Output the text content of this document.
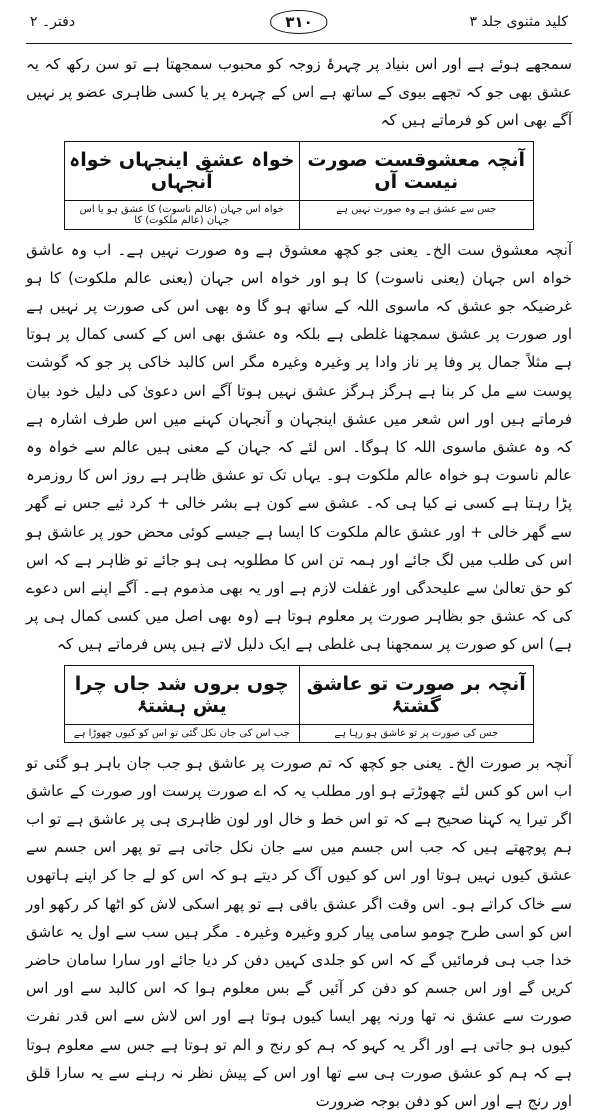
کلید مثنوی جلد ۳
۳۱۰
دفتر۔ ۲

سمجھے ہوئے ہے اور اس بنیاد پر چہرۂ زوجہ کو محبوب سمجھتا ہے تو سن رکھ کہ یہ عشق بھی جو کہ تجھے بیوی کے ساتھ ہے اس کے چہرہ پر یا کسی ظاہری عضو پر نہیں آگے بھی اس کو فرماتے ہیں کہ

آنچہ معشوقست صورت نیست آں
خواہ عشق اینجہاں خواہ آنجہاں
جس سے عشق ہے وہ صورت نہیں ہے
خواہ اس جہان (عالم ناسوت) کا عشق ہو یا اس جہان (عالم ملکوت) کا

آنچہ معشوق ست الخ۔ یعنی جو کچھ معشوق ہے وہ صورت نہیں ہے۔ اب وہ عاشق خواہ اس جہان (یعنی ناسوت) کا ہو اور خواہ اس جہان (یعنی عالم ملکوت) کا ہو غرضیکہ جو عشق کہ ماسوی اللہ کے ساتھ ہو گا وہ بھی اس کی صورت پر نہیں ہے اور صورت پر عشق سمجھنا غلطی ہے بلکہ وہ عشق بھی اس کے کسی کمال پر ہوتا ہے مثلاً جمال پر وفا پر ناز وادا پر وغیرہ وغیرہ مگر اس کالبد خاکی پر جو کہ گوشت پوست سے مل کر بنا ہے ہرگز ہرگز عشق نہیں ہوتا آگے اس دعویٰ کی دلیل خود بیان فرماتے ہیں اور اس شعر میں عشق اینجہان و آنجہان کہنے میں اس طرف اشارہ ہے کہ وہ عشق ماسوی اللہ کا ہوگا۔ اس لئے کہ جہان کے معنی ہیں عالم سے خواہ وہ عالم ناسوت ہو خواہ عالم ملکوت ہو۔ یہاں تک تو عشق ظاہر ہے روز اس کا روزمرہ پڑا رہتا ہے کسی نے کیا ہی کہ۔ عشق سے کون ہے بشر خالی + کرد ئیے جس نے گھر سے گھر خالی + اور عشق عالم ملکوت کا ایسا ہے جیسے کوئی محض حور پر عاشق ہو اس کی طلب میں لگ جائے اور ہمہ تن اس کا مطلوبہ ہی ہو جائے تو ظاہر ہے کہ اس کو حق تعالیٰ سے علیحدگی اور غفلت لازم ہے اور یہ بھی مذموم ہے۔ آگے اپنے اس دعوے کی کہ عشق جو بظاہر صورت پر معلوم ہوتا ہے (وہ بھی اصل میں کسی کمال ہی پر ہے) اس کو صورت پر سمجھنا ہی غلطی ہے ایک دلیل لاتے ہیں پس فرماتے ہیں کہ

آنچہ بر صورت تو عاشق گشتۂ
چوں بروں شد جاں چرا یش ہشتۂ
جس کی صورت پر تو عاشق ہو رہا ہے
جب اس کی جان نکل گئی تو اس کو کیوں چھوڑا ہے

آنچہ بر صورت الخ۔ یعنی جو کچھ کہ تم صورت پر عاشق ہو جب جان باہر ہو گئی تو اب اس کو کس لئے چھوڑتے ہو اور مطلب یہ کہ اے صورت پرست اور صورت کے عاشق اگر تیرا یہ کہنا صحیح ہے کہ تو اس خط و خال اور لون ظاہری ہی پر عاشق ہے تو اب ہم پوچھتے ہیں کہ جب اس جسم میں سے جان نکل جاتی ہے تو پھر اس جسم سے عشق کیوں نہیں ہوتا اور اس کو کیوں آگ کر دیتے ہو کہ اس کو لے جا کر اپنے ہاتھوں سے خاک کراتے ہو۔ اس وقت اگر عشق باقی ہے تو پھر اسکی لاش کو اٹھا کر رکھو اور اس کو اسی طرح چومو سامی پیار کرو وغیرہ وغیرہ۔ مگر ہیں سب سے اول یہ عاشق خدا جب ہی فرمائیں گے کہ اس کو جلدی کہیں دفن کر دیا جائے اور سارا سامان حاضر کریں گے اور اس جسم کو دفن کر آئیں گے بس معلوم ہوا کہ اس کالبد سے اور اس صورت سے عشق نہ تھا ورنہ پھر ایسا کیوں ہوتا ہے اور اس لاش سے اس قدر نفرت کیوں ہو جاتی ہے اور اگر یہ کہو کہ ہم کو رنج و الم تو ہوتا ہے جس سے معلوم ہوتا ہے کہ ہم کو عشق صورت ہی سے تھا اور اس کے پیش نظر نہ رہنے سے یہ سارا قلق اور رنج ہے اور اس کو دفن بوجہ ضرورت
